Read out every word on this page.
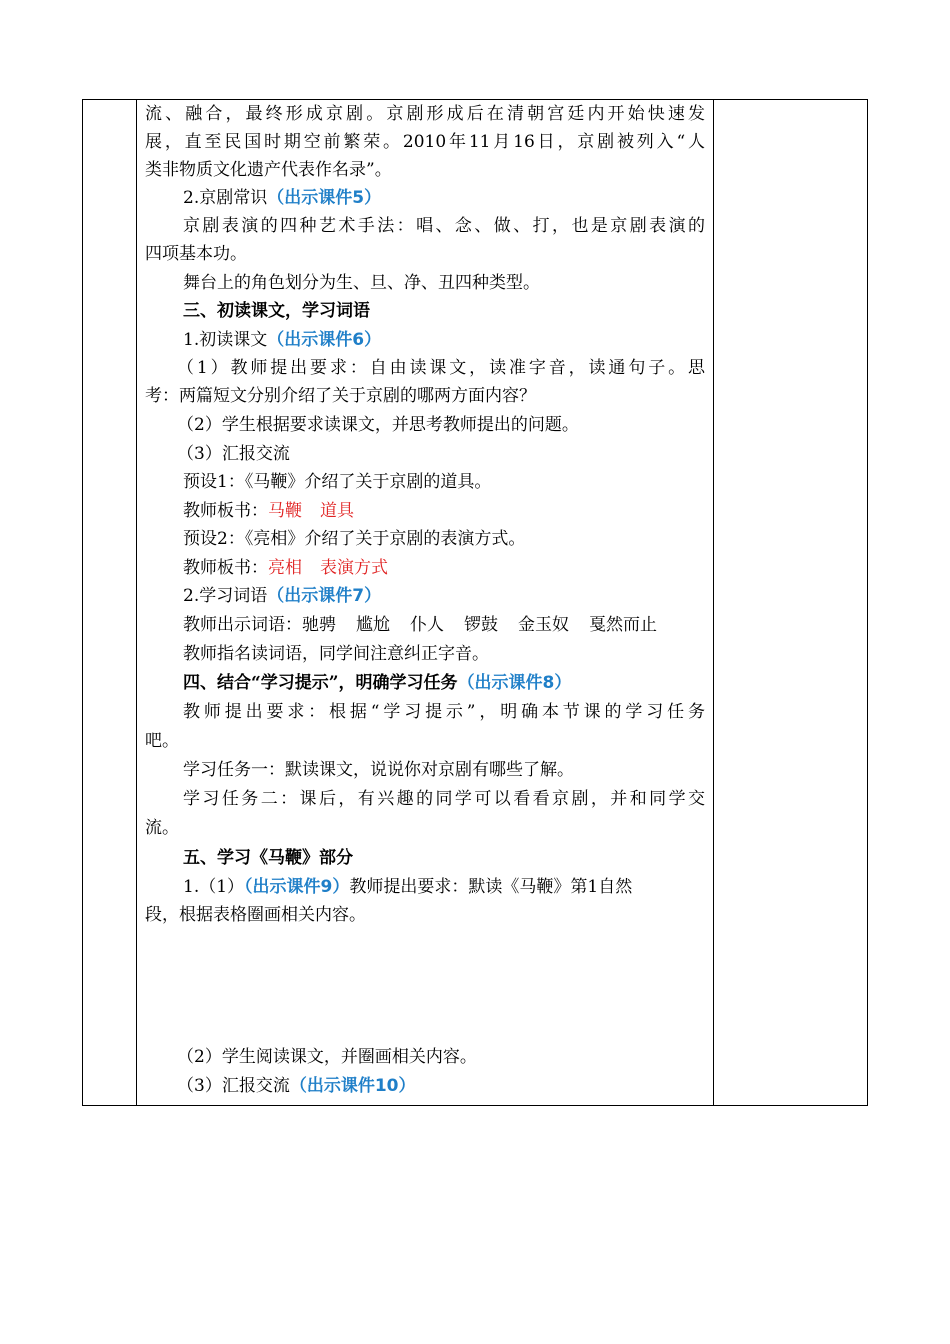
流、融合，最终形成京剧。京剧形成后在清朝宫廷内开始快速发
展，直至民国时期空前繁荣。2010年11月16日，京剧被列入“人
类非物质文化遗产代表作名录”。
2.京剧常识（出示课件5）
京剧表演的四种艺术手法：唱、念、做、打，也是京剧表演的
四项基本功。
舞台上的角色划分为生、旦、净、丑四种类型。
三、初读课文，学习词语
1.初读课文（出示课件6）
（1）教师提出要求：自由读课文，读准字音，读通句子。思
考：两篇短文分别介绍了关于京剧的哪两方面内容？
（2）学生根据要求读课文，并思考教师提出的问题。
（3）汇报交流
预设1：《马鞭》介绍了关于京剧的道具。
教师板书：马鞭 道具
预设2：《亮相》介绍了关于京剧的表演方式。
教师板书：亮相 表演方式
2.学习词语（出示课件7）
教师出示词语：驰骋 尴尬 仆人 锣鼓 金玉奴 戛然而止
教师指名读词语，同学间注意纠正字音。
四、结合“学习提示”，明确学习任务（出示课件8）
教师提出要求：根据“学习提示”，明确本节课的学习任务
吧。
学习任务一：默读课文，说说你对京剧有哪些了解。
学习任务二：课后，有兴趣的同学可以看看京剧，并和同学交
流。
五、学习《马鞭》部分
1.（1）（出示课件9）教师提出要求：默读《马鞭》第1自然
段，根据表格圈画相关内容。
（2）学生阅读课文，并圈画相关内容。
（3）汇报交流（出示课件10）
